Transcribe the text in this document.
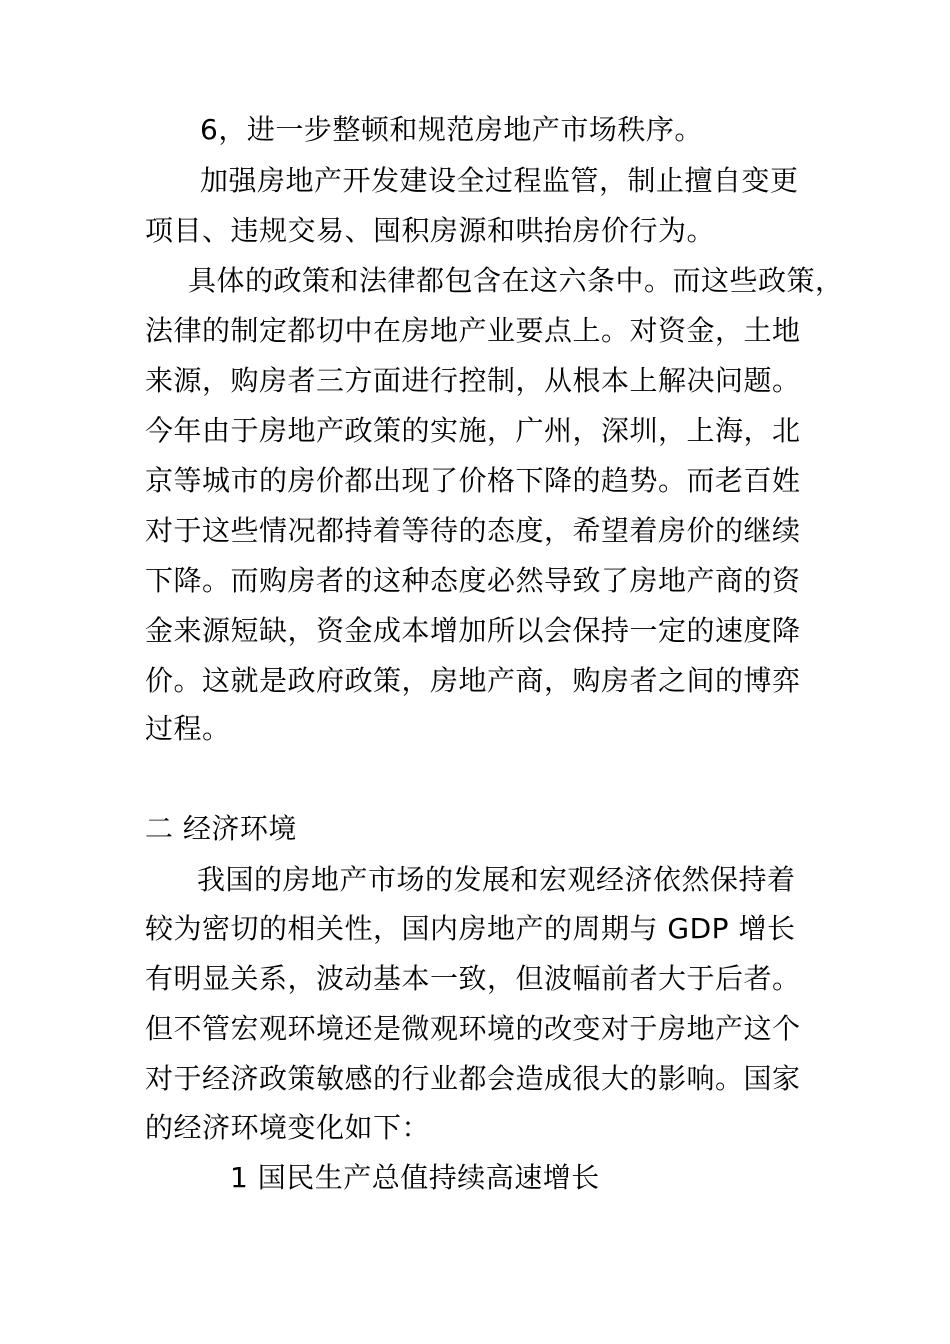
6，进一步整顿和规范房地产市场秩序。
加强房地产开发建设全过程监管，制止擅自变更
项目、违规交易、囤积房源和哄抬房价行为。
具体的政策和法律都包含在这六条中。而这些政策，
法律的制定都切中在房地产业要点上。对资金，土地
来源，购房者三方面进行控制，从根本上解决问题。
今年由于房地产政策的实施，广州，深圳，上海，北
京等城市的房价都出现了价格下降的趋势。而老百姓
对于这些情况都持着等待的态度，希望着房价的继续
下降。而购房者的这种态度必然导致了房地产商的资
金来源短缺，资金成本增加所以会保持一定的速度降
价。这就是政府政策，房地产商，购房者之间的博弈
过程。
二 经济环境
我国的房地产市场的发展和宏观经济依然保持着
较为密切的相关性，国内房地产的周期与 GDP 增长
有明显关系，波动基本一致，但波幅前者大于后者。
但不管宏观环境还是微观环境的改变对于房地产这个
对于经济政策敏感的行业都会造成很大的影响。国家
的经济环境变化如下：
1 国民生产总值持续高速增长
